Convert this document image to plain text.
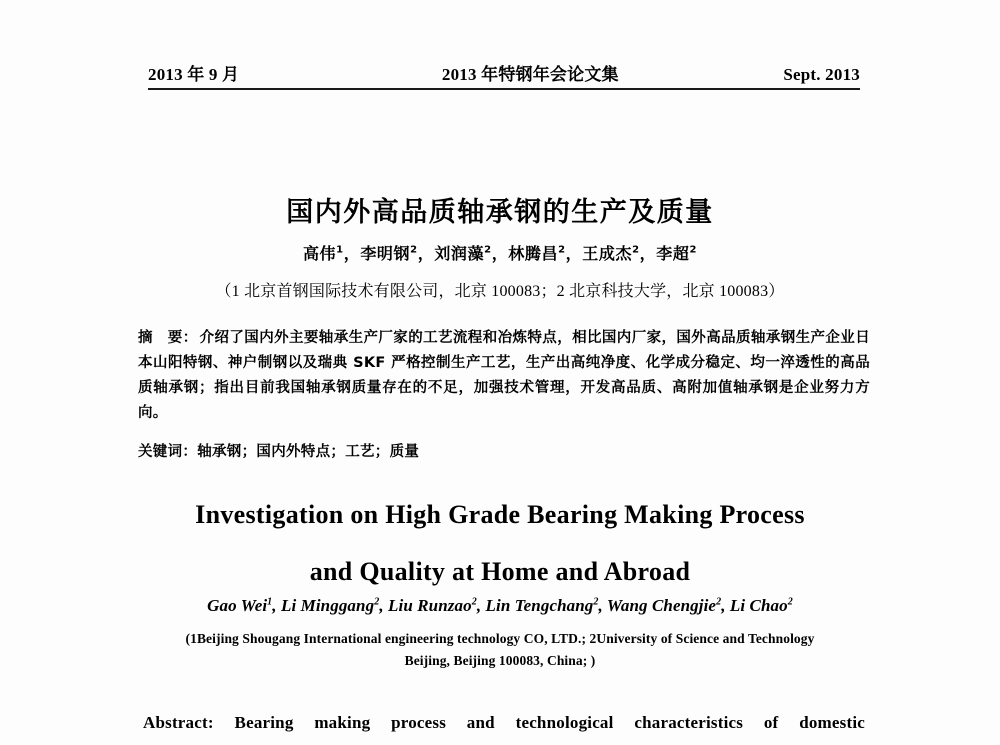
2013 年 9 月	2013 年特钢年会论文集	Sept. 2013
国内外高品质轴承钢的生产及质量
高伟$^1$，李明钢$^2$，刘润藻$^2$，林腾昌$^2$，王成杰$^2$，李超$^2$
（1 北京首钢国际技术有限公司，北京 100083；2 北京科技大学，北京 100083）
摘　要： 介绍了国内外主要轴承生产厂家的工艺流程和冶炼特点，相比国内厂家，国外高品质轴承钢生产企业日本山阳特钢、神户制钢以及瑞典 SKF 严格控制生产工艺，生产出高纯净度、化学成分稳定、均一淬透性的高品质轴承钢；指出目前我国轴承钢质量存在的不足，加强技术管理，开发高品质、高附加值轴承钢是企业努力方向。
关键词：轴承钢；国内外特点；工艺；质量
Investigation on High Grade Bearing Making Process
and Quality at Home and Abroad
Gao Wei$^1$, Li Minggang$^2$, Liu Runzao$^2$, Lin Tengchang$^2$, Wang Chengjie$^2$, Li Chao$^2$
(1Beijing Shougang International engineering technology CO, LTD.; 2University of Science and Technology
Beijing, Beijing 100083, China; )
Abstract: Bearing making process and technological characteristics of domestic
